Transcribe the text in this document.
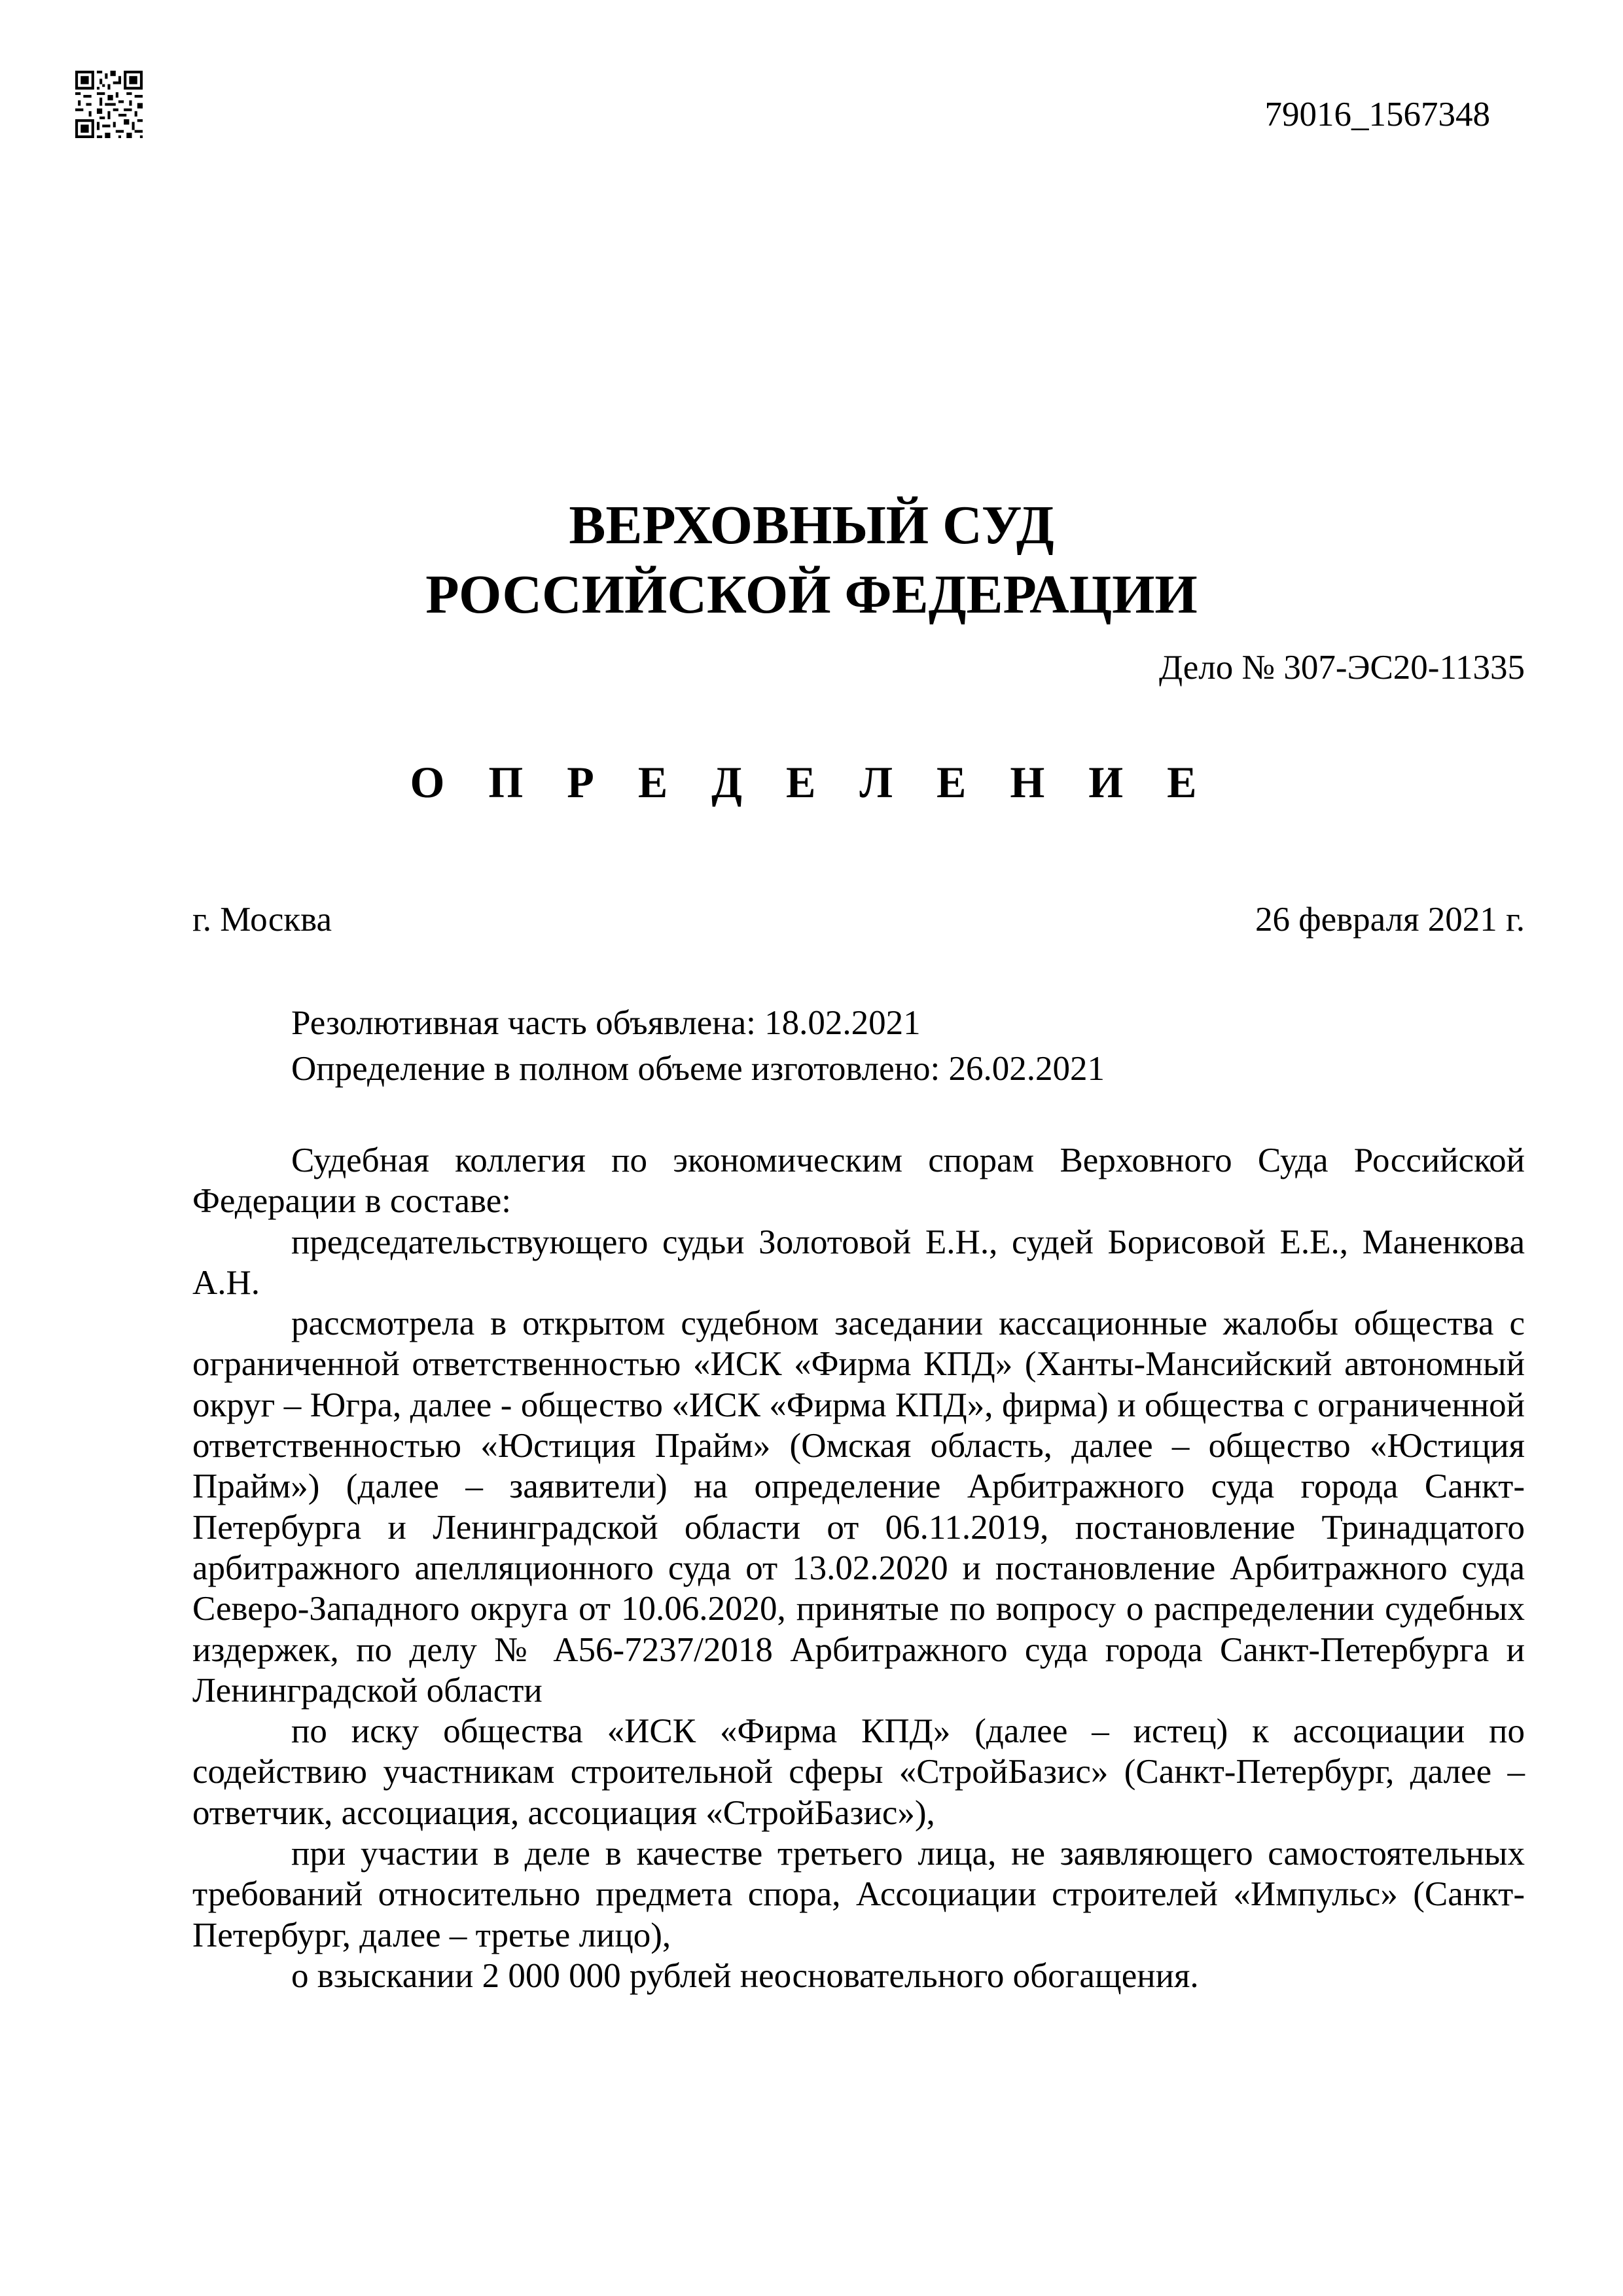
79016_1567348
ВЕРХОВНЫЙ СУД
РОССИЙСКОЙ ФЕДЕРАЦИИ
Дело № 307-ЭС20-11335
О П Р Е Д Е Л Е Н И Е
г. Москва	26 февраля 2021 г.
Резолютивная часть объявлена: 18.02.2021
Определение в полном объеме изготовлено: 26.02.2021

Судебная коллегия по экономическим спорам Верховного Суда Российской Федерации в составе:

председательствующего судьи Золотовой Е.Н., судей Борисовой Е.Е., Маненкова А.Н.

рассмотрела в открытом судебном заседании кассационные жалобы общества с ограниченной ответственностью «ИСК «Фирма КПД» (Ханты-Мансийский автономный округ – Югра, далее - общество «ИСК «Фирма КПД», фирма) и общества с ограниченной ответственностью «Юстиция Прайм» (Омская область, далее – общество «Юстиция Прайм») (далее – заявители) на определение Арбитражного суда города Санкт-Петербурга и Ленинградской области от 06.11.2019, постановление Тринадцатого арбитражного апелляционного суда от 13.02.2020 и постановление Арбитражного суда Северо-Западного округа от 10.06.2020, принятые по вопросу о распределении судебных издержек, по делу № А56-7237/2018 Арбитражного суда города Санкт-Петербурга и Ленинградской области

по иску общества «ИСК «Фирма КПД» (далее – истец) к ассоциации по содействию участникам строительной сферы «СтройБазис» (Санкт-Петербург, далее – ответчик, ассоциация, ассоциация «СтройБазис»),

при участии в деле в качестве третьего лица, не заявляющего самостоятельных требований относительно предмета спора, Ассоциации строителей «Импульс» (Санкт-Петербург, далее – третье лицо),

о взыскании 2 000 000 рублей неосновательного обогащения.
